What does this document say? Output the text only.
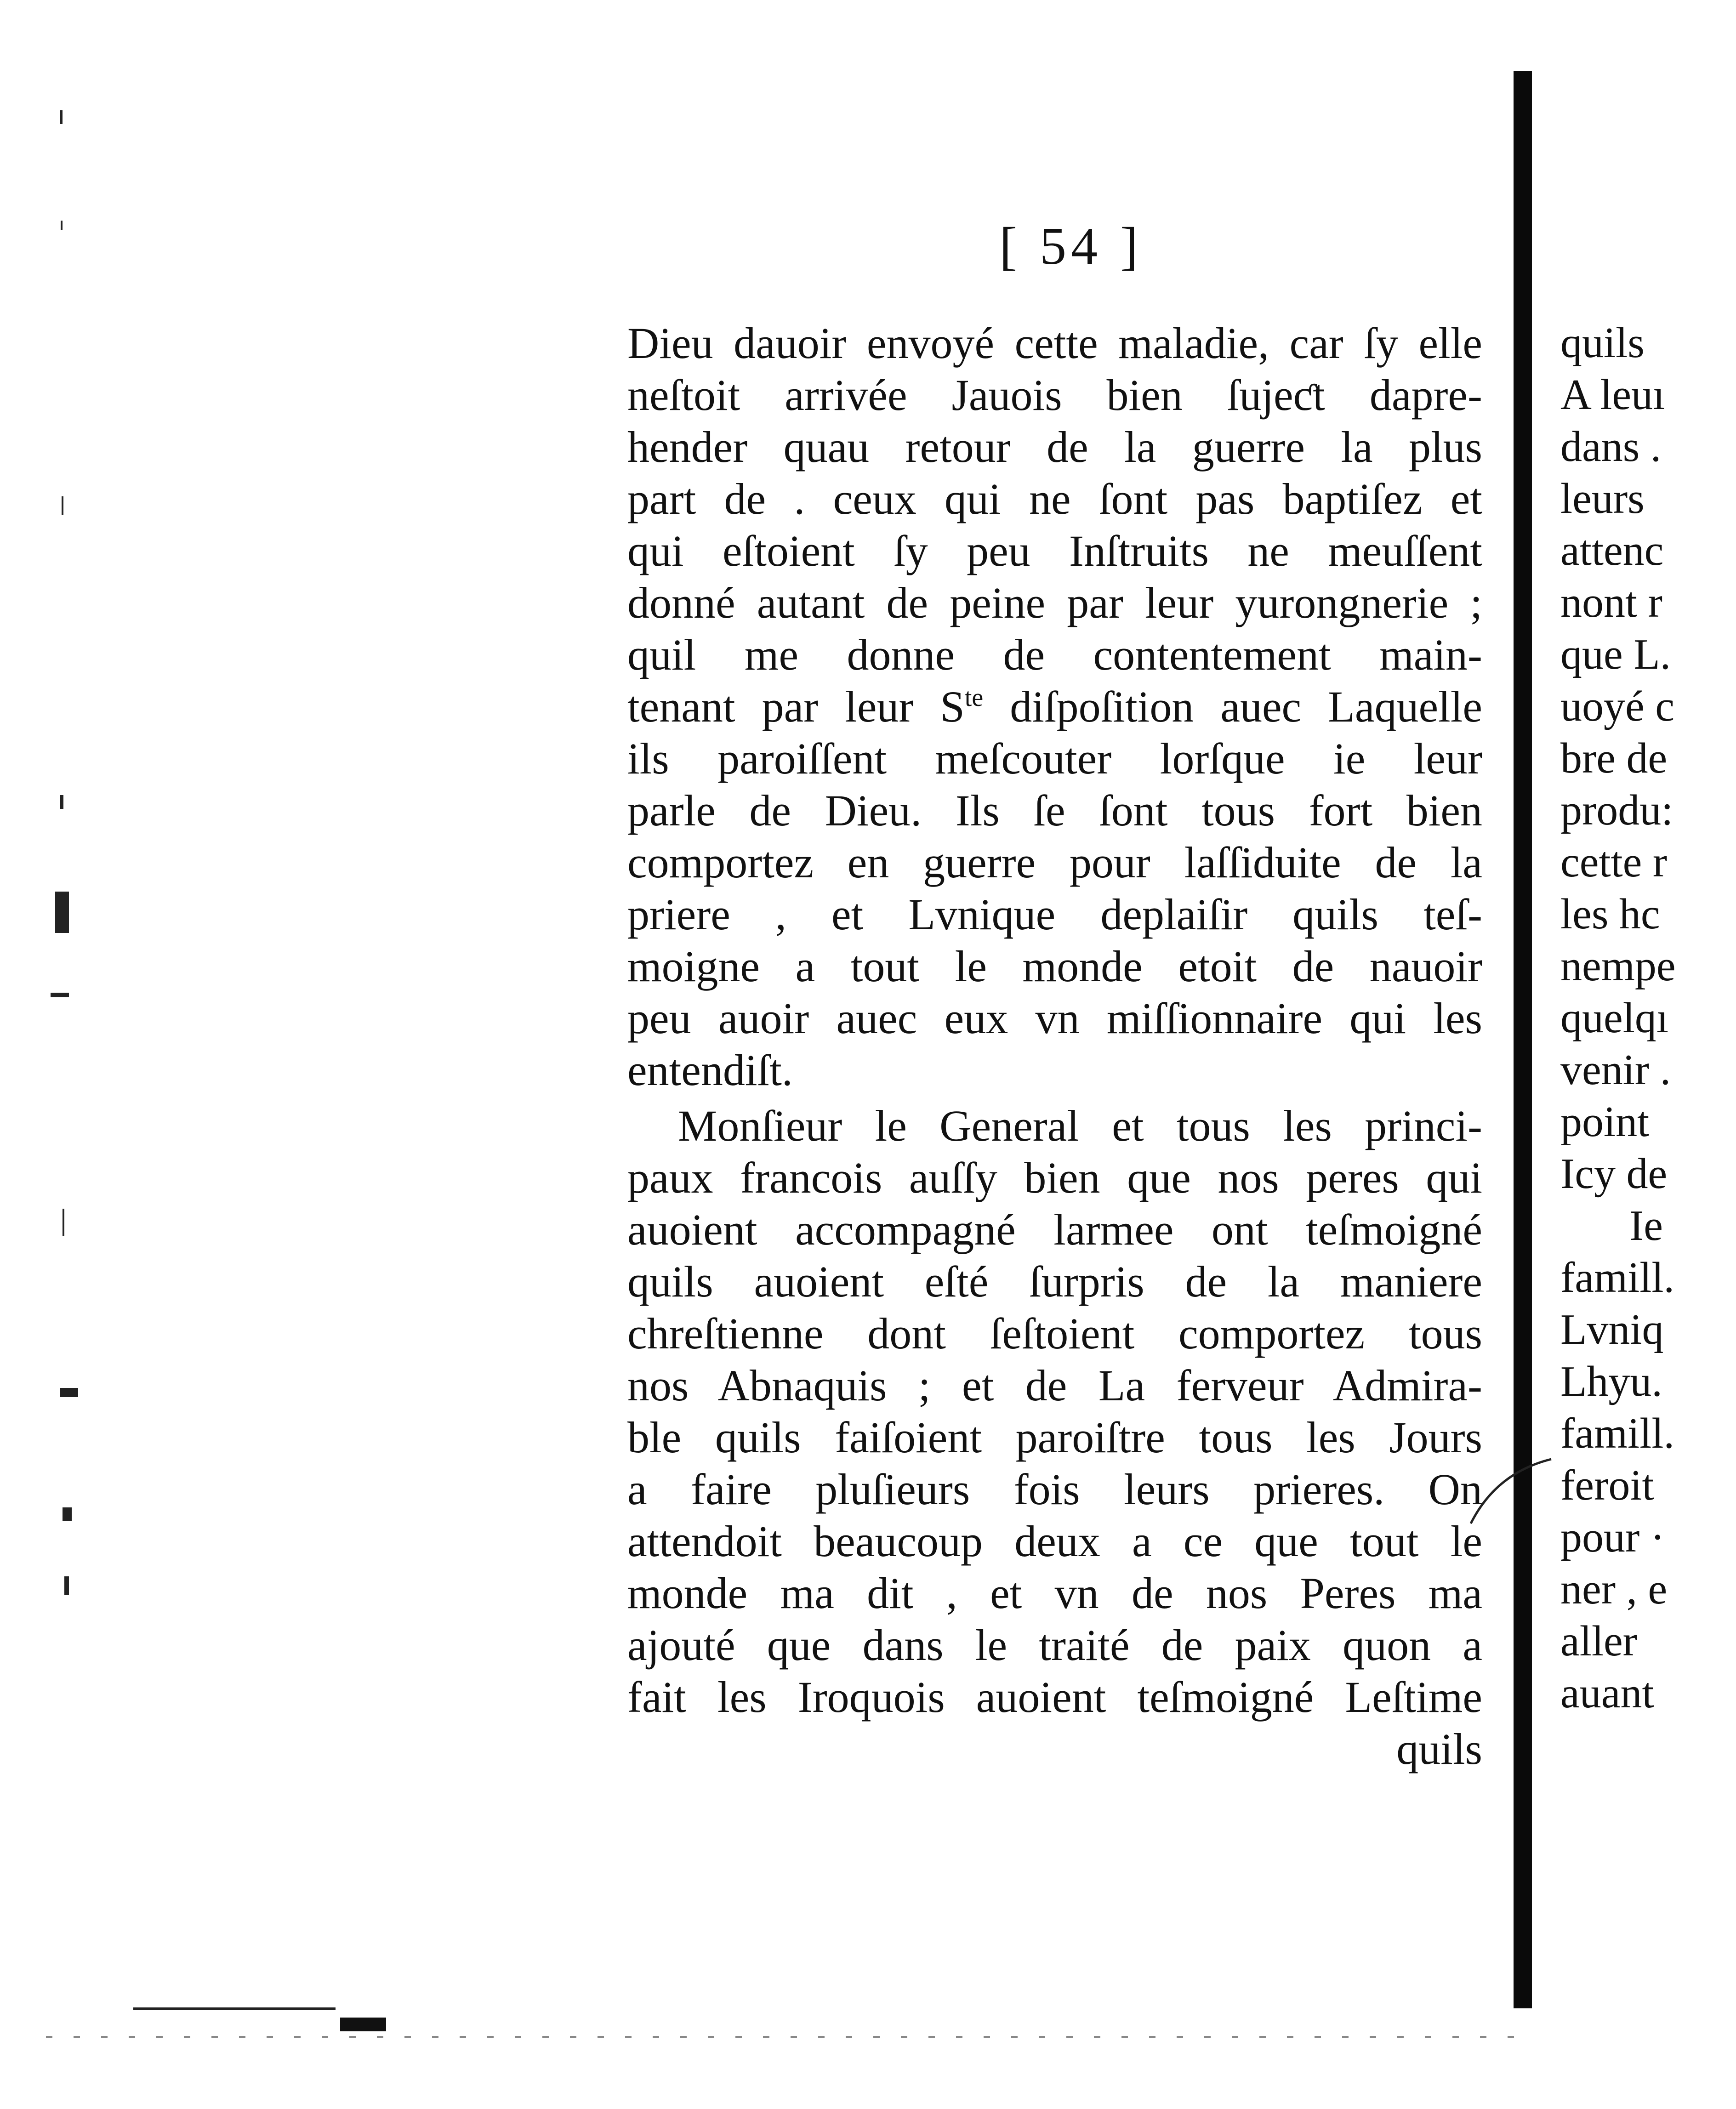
[ 54 ]
Dieu dauoir envoyé cette maladie, car ſy elle
neſtoit arrivée Jauois bien ſujeƈt dapre-
hender quau retour de la guerre la plus
part de . ceux qui ne ſont pas baptiſez et
qui eſtoient ſy peu Inſtruits ne meuſſent
donné autant de peine par leur yurongnerie ;
quil me donne de contentement main-
tenant par leur $S^{te}$ diſpoſition auec Laquelle
ils paroiſſent meſcouter lorſque ie leur
parle de Dieu. Ils ſe ſont tous fort bien
comportez en guerre pour laſſiduite de la
priere , et Lvnique deplaiſir quils teſ-
moigne a tout le monde etoit de nauoir
peu auoir auec eux vn miſſionnaire qui les
entendiſt.
Monſieur le General et tous les princi-
paux francois auſſy bien que nos peres qui
auoient accompagné larmee ont teſmoigné
quils auoient eſté ſurpris de la maniere
chreſtienne dont ſeſtoient comportez tous
nos Abnaquis ; et de La ferveur Admira-
ble quils faiſoient paroiſtre tous les Jours
a faire pluſieurs fois leurs prieres. On
attendoit beaucoup deux a ce que tout le
monde ma dit , et vn de nos Peres ma
ajouté que dans le traité de paix quon a
fait les Iroquois auoient teſmoigné Leſtime
quils
quils
A leuı
dans .
leurs
attenc
nont r
que L.
uoyé c
bre de
produ:
cette r
les hc
nempe
quelqı
venir .
point
Icy de
Ie
famill.
Lvniq
Lhyu.
famill.
feroit
pour ·
ner , e
aller
auant
